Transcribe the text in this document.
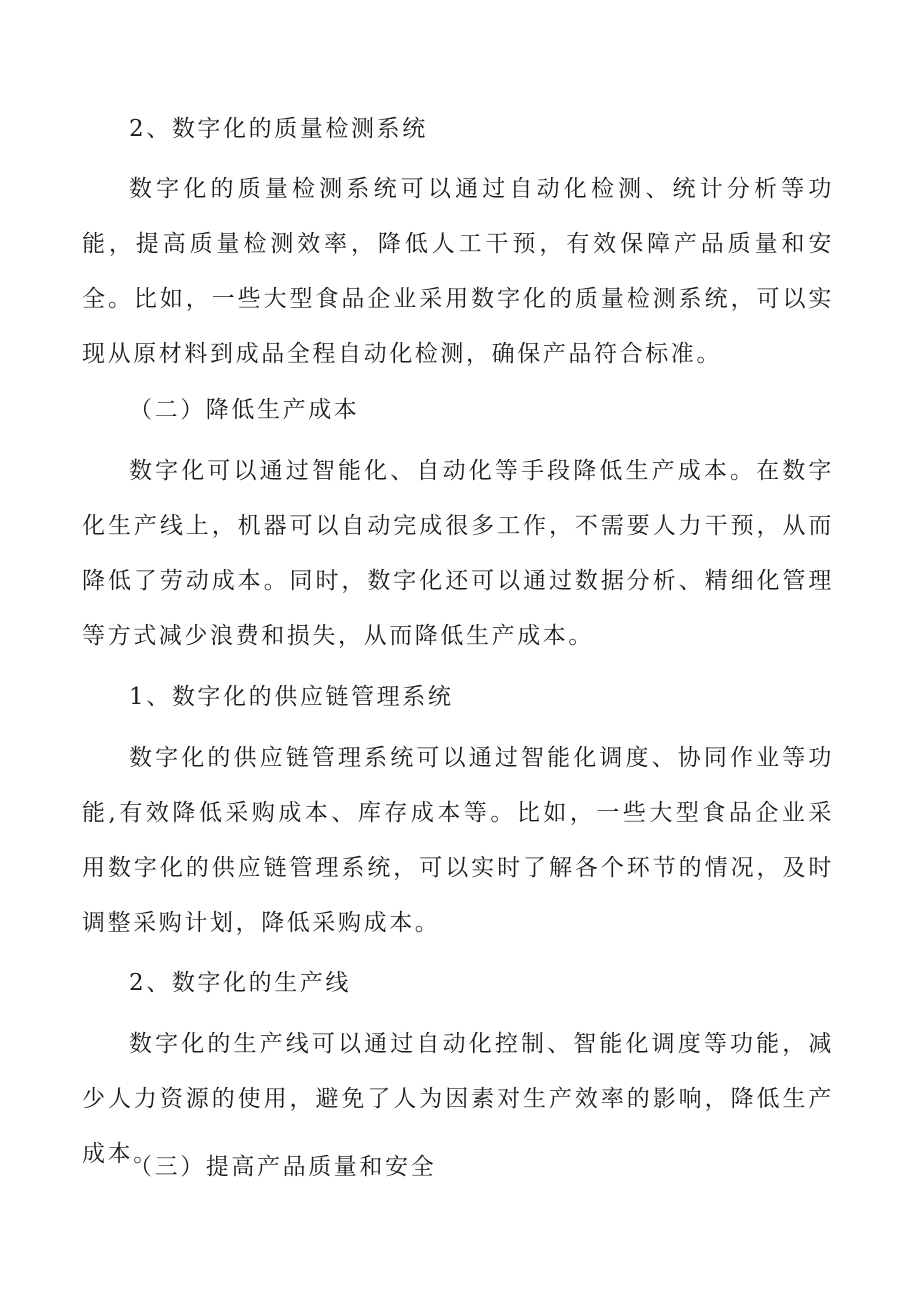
2、数字化的质量检测系统

数字化的质量检测系统可以通过自动化检测、统计分析等功能，提高质量检测效率，降低人工干预，有效保障产品质量和安全。比如，一些大型食品企业采用数字化的质量检测系统，可以实现从原材料到成品全程自动化检测，确保产品符合标准。

（二）降低生产成本

数字化可以通过智能化、自动化等手段降低生产成本。在数字化生产线上，机器可以自动完成很多工作，不需要人力干预，从而降低了劳动成本。同时，数字化还可以通过数据分析、精细化管理等方式减少浪费和损失，从而降低生产成本。

1、数字化的供应链管理系统

数字化的供应链管理系统可以通过智能化调度、协同作业等功能,有效降低采购成本、库存成本等。比如，一些大型食品企业采用数字化的供应链管理系统，可以实时了解各个环节的情况，及时调整采购计划，降低采购成本。

2、数字化的生产线

数字化的生产线可以通过自动化控制、智能化调度等功能，减少人力资源的使用，避免了人为因素对生产效率的影响，降低生产成本。

（三）提高产品质量和安全
